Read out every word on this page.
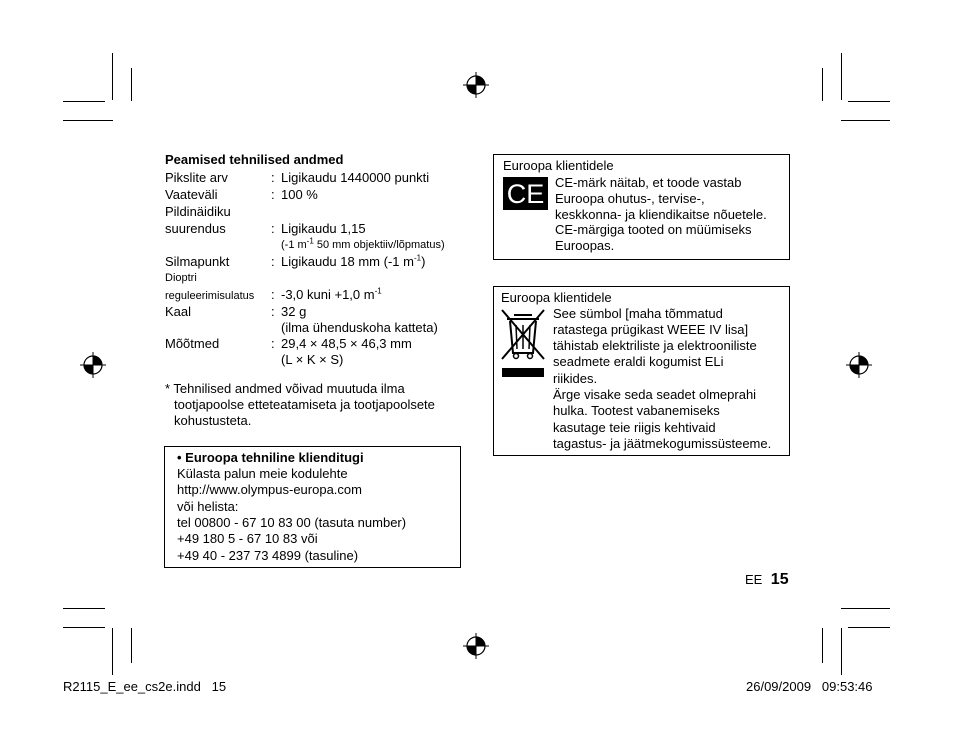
Peamised tehnilised andmed
Pikslite arv	: Ligikaudu 1440000 punkti
Vaateväli	: 100 %
Pildinäidiku
suurendus	: Ligikaudu 1,15
(-1 $m^{-1}$ 50 mm objektiiv/lõpmatus)
Silmapunkt	: Ligikaudu 18 mm (-1 $m^{-1}$)
Dioptri
reguleerimisulatus : -3,0 kuni +1,0 $m^{-1}$
Kaal	: 32 g
(ilma ühenduskoha katteta)
Mõõtmed	: 29,4 × 48,5 × 46,3 mm
(L × K × S)
* Tehnilised andmed võivad muutuda ilma
tootjapoolse etteteatamiseta ja tootjapoolsete
kohustusteta.
• Euroopa tehniline klienditugi
Külasta palun meie kodulehte
http://www.olympus-europa.com
või helista:
tel 00800 - 67 10 83 00 (tasuta number)
+49 180 5 - 67 10 83 või
+49 40 - 237 73 4899 (tasuline)
Euroopa klientidele
CE CE-märk näitab, et toode vastab
Euroopa ohutus-, tervise-,
keskkonna- ja kliendikaitse nõuetele.
CE-märgiga tooted on müümiseks
Euroopas.
Euroopa klientidele
See sümbol [maha tõmmatud
ratastega prügikast WEEE IV lisa]
tähistab elektriliste ja elektrooniliste
seadmete eraldi kogumist ELi
riikides.
Ärge visake seda seadet olmeprahi
hulka. Tootest vabanemiseks
kasutage teie riigis kehtivaid
tagastus- ja jäätmekogumissüsteeme.
EE 15
R2115_E_ee_cs2e.indd   15	26/09/2009   09:53:46
